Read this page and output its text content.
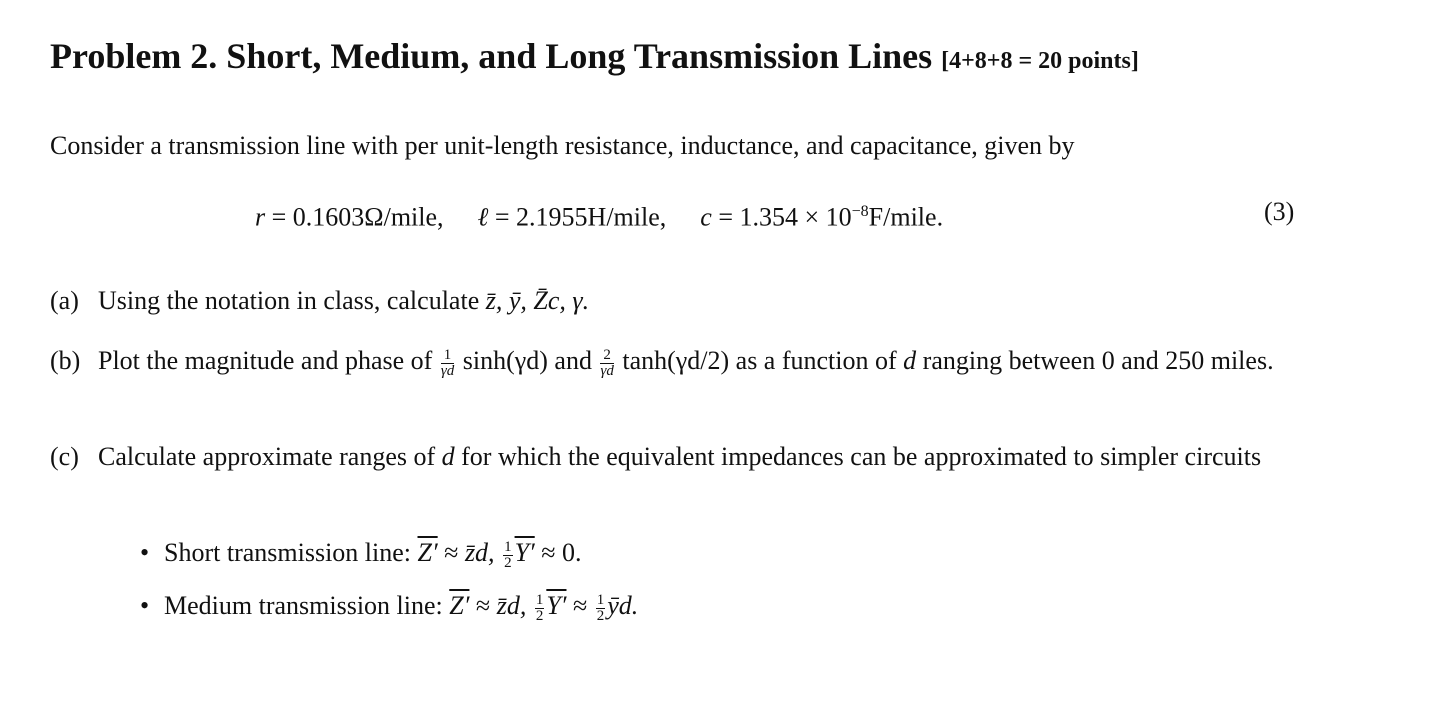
Problem 2. Short, Medium, and Long Transmission Lines [4+8+8 = 20 points]
Consider a transmission line with per unit-length resistance, inductance, and capacitance, given by
r = 0.1603Ω/mile, ℓ = 2.1955H/mile, $c = 1.354 \times 10^{-8}F$/mile.	(3)
(a) Using the notation in class, calculate z̄, ȳ, Z̄c, γ.
(b) Plot the magnitude and phase of $\frac{1}{\gamma d} \sinh(\gamma d)$ and $\frac{2}{\gamma d} \tanh(\gamma d/2)$ as a function of d ranging between 0 and 250 miles.
(c) Calculate approximate ranges of d for which the equivalent impedances can be approximated to simpler circuits
• Short transmission line: Z′ ≈ z̄d, $\frac{1}{2} Y' \approx 0$.
• Medium transmission line: Z′ ≈ z̄d, $\frac{1}{2} Y' \approx \frac{1}{2}$ ȳd.
